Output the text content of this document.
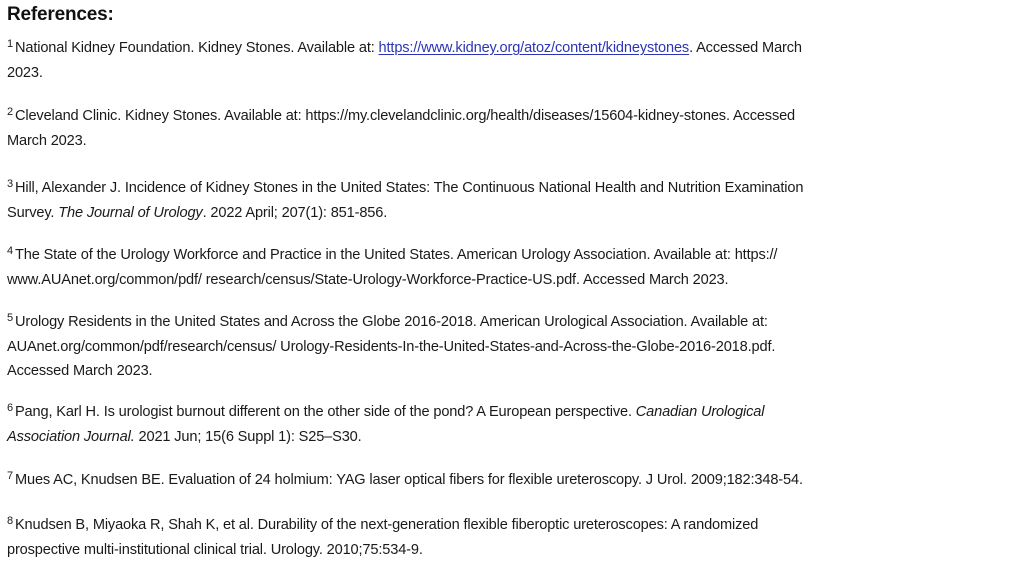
References:
$^1$ National Kidney Foundation. Kidney Stones. Available at: https://www.kidney.org/atoz/content/kidneystones. Accessed March
2023.
$^2$ Cleveland Clinic. Kidney Stones. Available at: https://my.clevelandclinic.org/health/diseases/15604-kidney-stones. Accessed
March 2023.
$^3$ Hill, Alexander J. Incidence of Kidney Stones in the United States: The Continuous National Health and Nutrition Examination
Survey. The Journal of Urology. 2022 April; 207(1): 851-856.
$^4$ The State of the Urology Workforce and Practice in the United States. American Urology Association. Available at: https://
www.AUAnet.org/common/pdf/ research/census/State-Urology-Workforce-Practice-US.pdf. Accessed March 2023.
$^5$ Urology Residents in the United States and Across the Globe 2016-2018. American Urological Association. Available at:
AUAnet.org/common/pdf/research/census/ Urology-Residents-In-the-United-States-and-Across-the-Globe-2016-2018.pdf.
Accessed March 2023.
$^6$ Pang, Karl H. Is urologist burnout different on the other side of the pond? A European perspective. Canadian Urological
Association Journal. 2021 Jun; 15(6 Suppl 1): S25–S30.
$^7$ Mues AC, Knudsen BE. Evaluation of 24 holmium: YAG laser optical fibers for flexible ureteroscopy. J Urol. 2009;182:348-54.
$^8$ Knudsen B, Miyaoka R, Shah K, et al. Durability of the next-generation flexible fiberoptic ureteroscopes: A randomized
prospective multi-institutional clinical trial. Urology. 2010;75:534-9.
